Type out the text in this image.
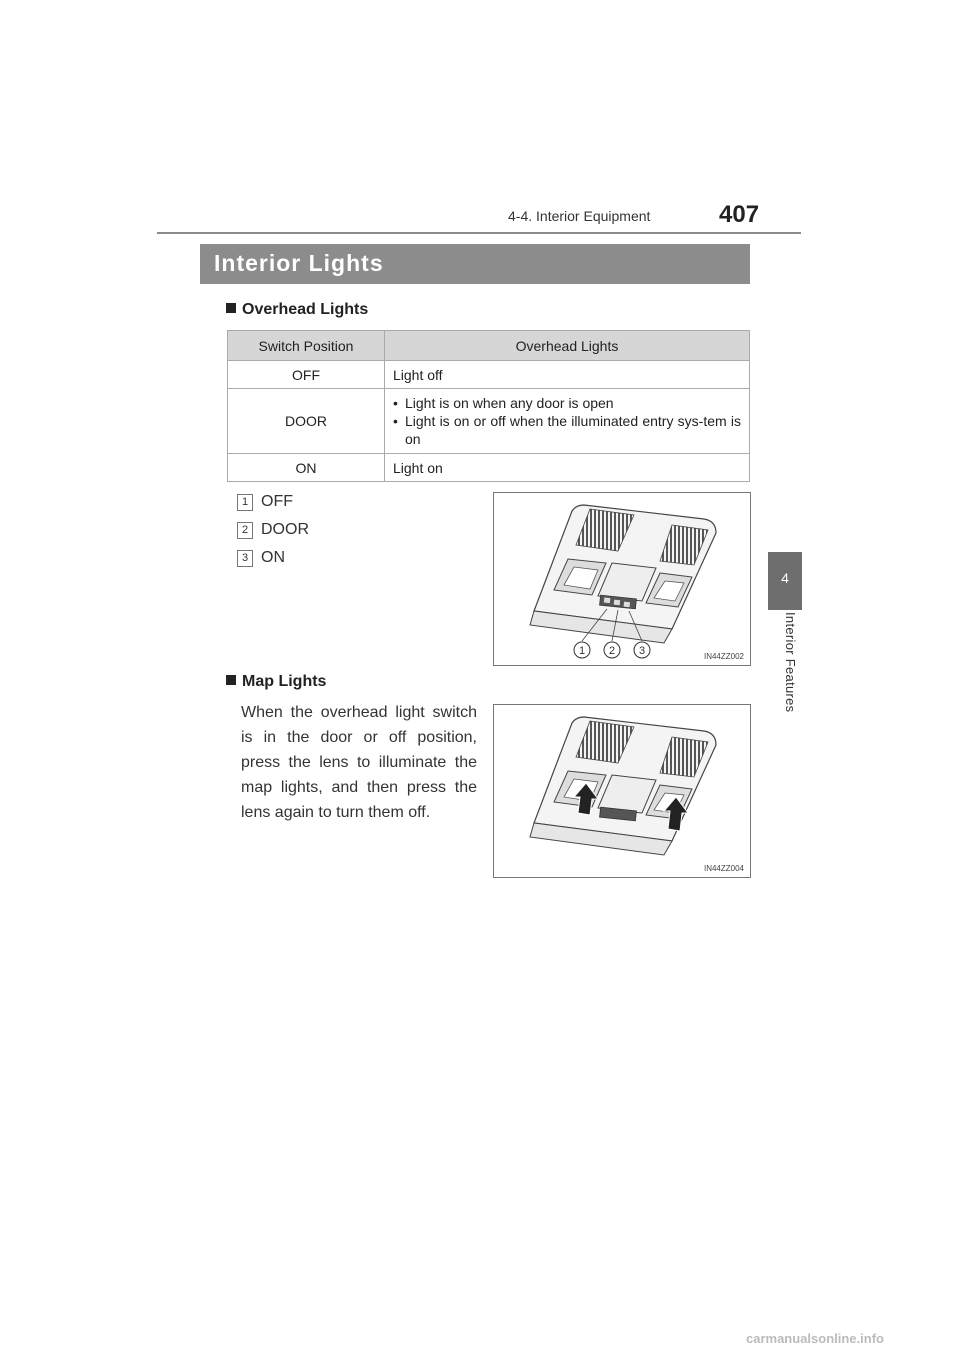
4-4. Interior Equipment	407
4
Interior Features
Interior Lights
Overhead Lights
Switch Position	Overhead Lights
OFF	Light off
DOOR	• Light is on when any door is open
• Light is on or off when the illuminated entry sys-tem is on

ON	Light on
1 OFF
2 DOOR
3 ON
1 2 3	IN44ZZ002
Map Lights
When the overhead light switch is in the door or off position, press the lens to illuminate the map lights, and then press the lens again to turn them off.
IN44ZZ004
carmanualsonline.info
